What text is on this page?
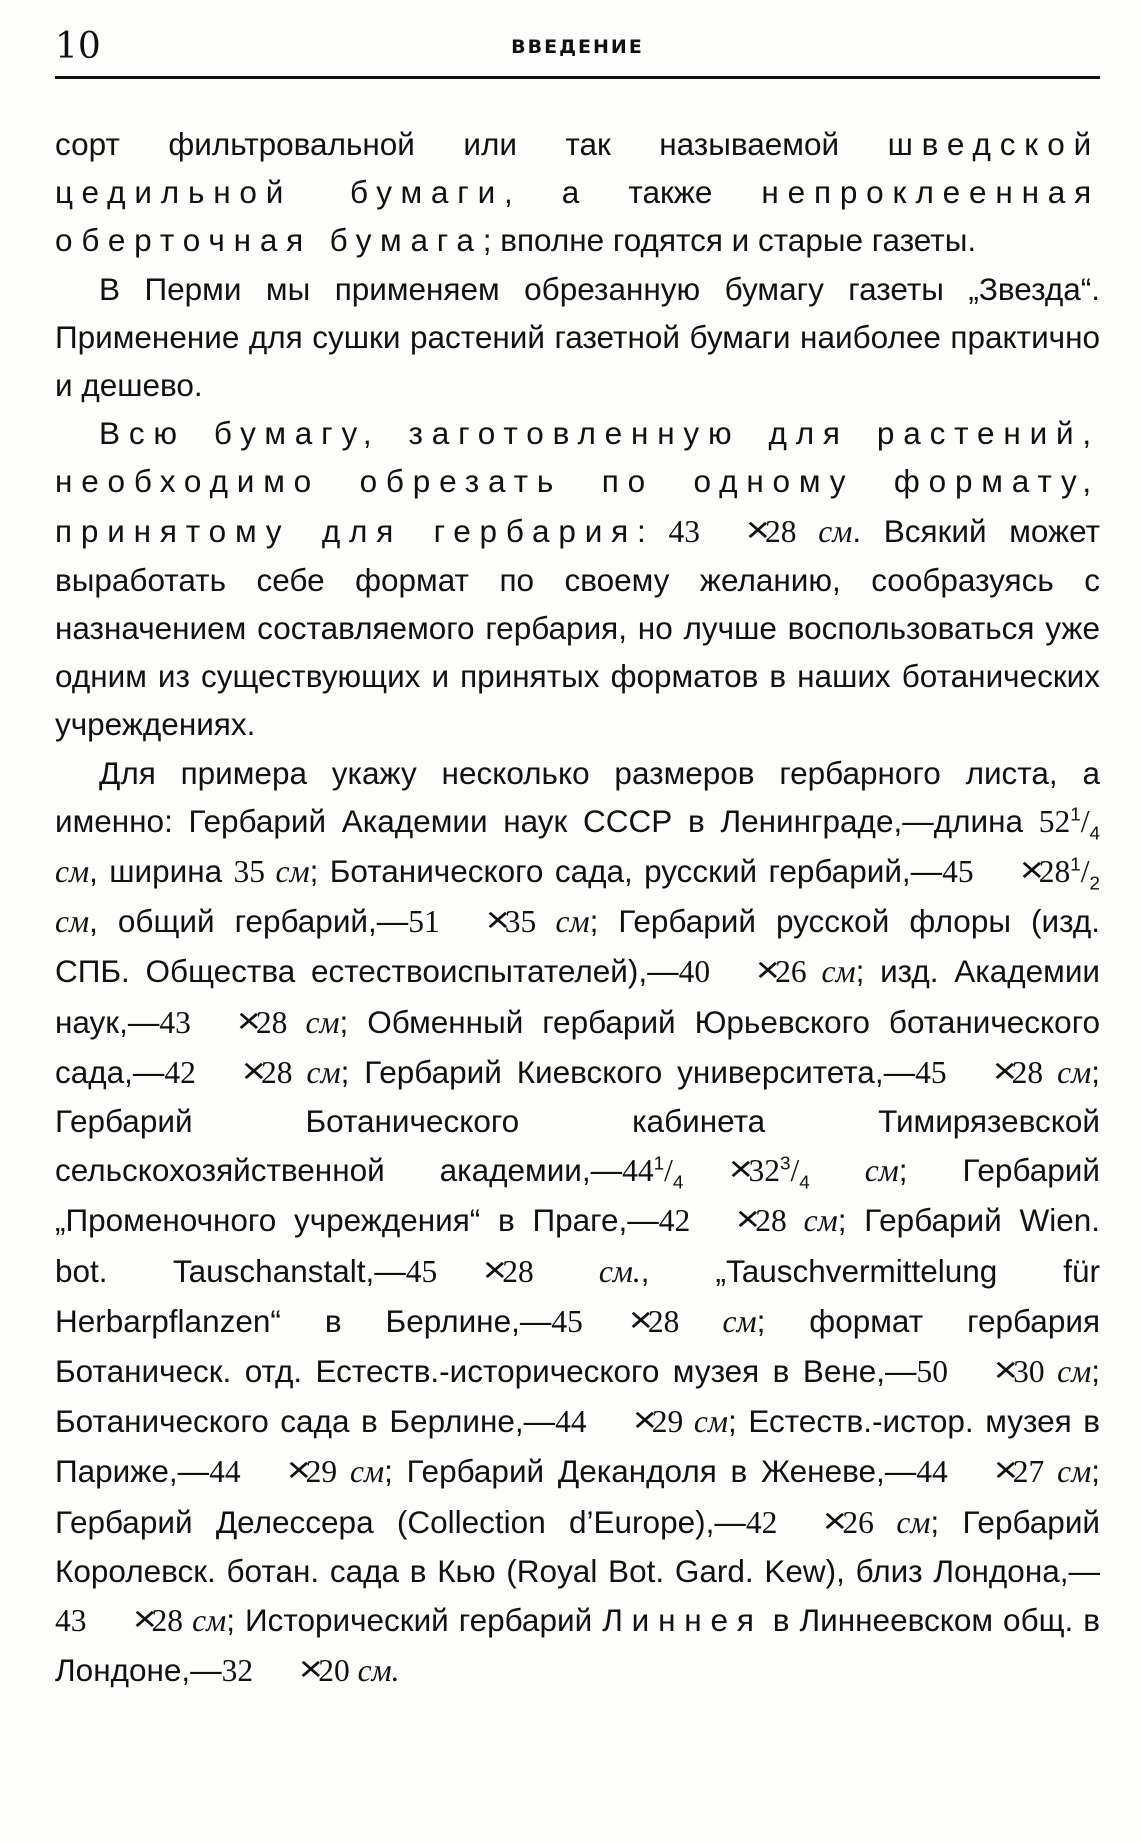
10	ВВЕДЕНИЕ

сорт фильтровальной или так называемой шведской цедильной бумаги, а также непроклеенная оберточная бумага; вполне годятся и старые газеты.

В Перми мы применяем обрезанную бумагу газеты „Звезда“. Применение для сушки растений газетной бумаги наиболее практично и дешево.

Всю бумагу, заготовленную для растений, необходимо обрезать по одному формату, принятому для гербария: 43 ×28 см. Всякий может выработать себе формат по своему желанию, сообразуясь с назначением составляемого гербария, но лучше воспользоваться уже одним из существующих и принятых форматов в наших ботанических учреждениях.

Для примера укажу несколько размеров гербарного листа, а именно: Гербарий Академии наук СССР в Ленинграде,—длина $52^1/_4$ см, ширина 35 см; Ботанического сада, русский гербарий,—45 $\times 28^1/_2$ см, общий гербарий,—51 ×35 см; Гербарий русской флоры (изд. СПБ. Общества естествоиспытателей),—40 ×26 см; изд. Академии наук,—43 ×28 см; Обменный гербарий Юрьевского ботанического сада,—42 ×28 см; Гербарий Киевского университета,—45 ×28 см; Гербарий Ботанического кабинета Тимирязевской сельскохозяйственной $академии,—44^1/_4 \times 32^3/_4$ см; Гербарий „Променочного учреждения“ в Праге,—42 ×28 см; Гербарий Wien. bot. Tauschanstalt,—45 ×28 см., „Tauschvermittelung für Herbarpflanzen“ в Берлине,—45 ×28 см; формат гербария Ботаническ. отд. Естеств.-исторического музея в Вене,—50 ×30 см; Ботанического сада в Берлине,—44 ×29 см; Естеств.-истор. музея в Париже,—44 ×29 см; Гербарий Декандоля в Женеве,—44 ×27 см; Гербарий Делессера (Collection d’Europe),—42 ×26 см; Гербарий Королевск. ботан. сада в Кью (Royal Bot. Gard. Kew), близ Лондона,—43 ×28 см; Исторический гербарий Линнея в Линнеевском общ. в Лондоне,—32 ×20 см.
